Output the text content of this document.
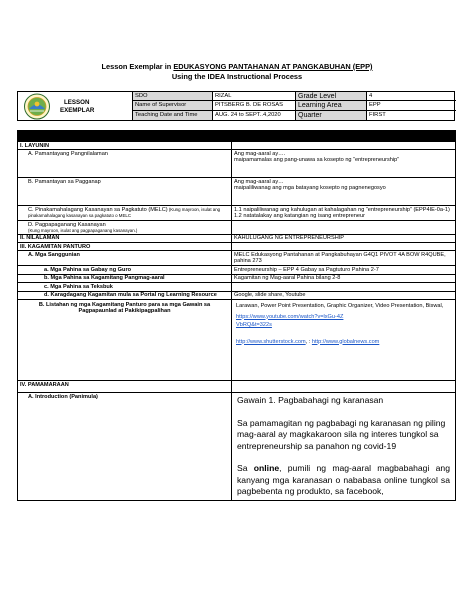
Lesson Exemplar in EDUKASYONG PANTAHANAN AT PANGKABUHAN (EPP)
Using the IDEA Instructional Process
LESSON
EXEMPLAR
SDO	RIZAL	Grade Level	4
Name of Supervisor	PITSBERG B. DE ROSAS	Learning Area	EPP
Teaching Date and Time	AUG. 24 to SEPT..4,2020	Quarter	FIRST

I. LAYUNIN	
A. Pamantayang Pangnilalaman	Ang mag-aaral ay….
maipamamalas ang pang-unawa sa kosepto ng “entrepreneurship”
B. Pamantayan sa Pagganap	Ang mag-aaral ay…
maipaliliwanag ang mga batayang kosepto ng pagnenegosyo
C. Pinakamahalagang Kasanayan sa Pagkatuto (MELC) (Kung mayroon, isulat ang pinakamahalagang kasanayan sa pagkatuto o MELC	1.1 naipaliliwanag ang kahulugan at kahalagahan ng “entrepreneurship” (EPP4IE-0a-1)
1.2 natatalakay ang katangian ng isang entrepreneur

D. Pagpapaganang Kasanayan
(Kung mayroon, isulat ang pagpapaganang kasanayan.)	

II. NILALAMAN	KAHULUGANG NG ENTREPRENEURSHIP
III. KAGAMITAN PANTURO	
A. Mga Sanggunian	MELC Edukasyong Pantahanan at Pangkabuhayan G4Q1 PIVOT 4A BOW R4QUBE, pahina 273
a. Mga Pahina sa Gabay ng Guro	Entrepreneurship – EPP 4 Gabay sa Pagtuturo Pahina 2-7
b. Mga Pahina sa Kagamitang Pangmag-aaral	Kagamitan ng Mag-aaral Pahina bilang 2-8
c. Mga Pahina sa Teksbuk	
d. Karagdagang Kagamitan mula sa Portal ng Learning Resource	Google, slide share, Youtube
B. Listahan ng mga Kagamitang Panturo para sa mga Gawain sa Pagpapaunlad at Pakikipagpalihan	Larawan, Power Point Presentation, Graphic Organizer, Video Presentation, Biswal,
https://www.youtube.com/watch?v=lxGu-4ZVbRQ&t=322s
http://www.shutterstock.com, : http://www.globalnews.com

IV. PAMAMARAAN	
A. Introduction (Panimula)	Gawain 1. Pagbabahagi ng karanasan
Sa pamamagitan ng pagbabagi ng karanasan ng piling mag-aaral ay magkakaroon sila ng interes tungkol sa entrepreneurship sa panahon ng covid-19
Sa online, pumili ng mag-aaral magbabahagi ang kanyang mga karanasan o nababasa online tungkol sa pagbebenta ng produkto, sa facebook,
